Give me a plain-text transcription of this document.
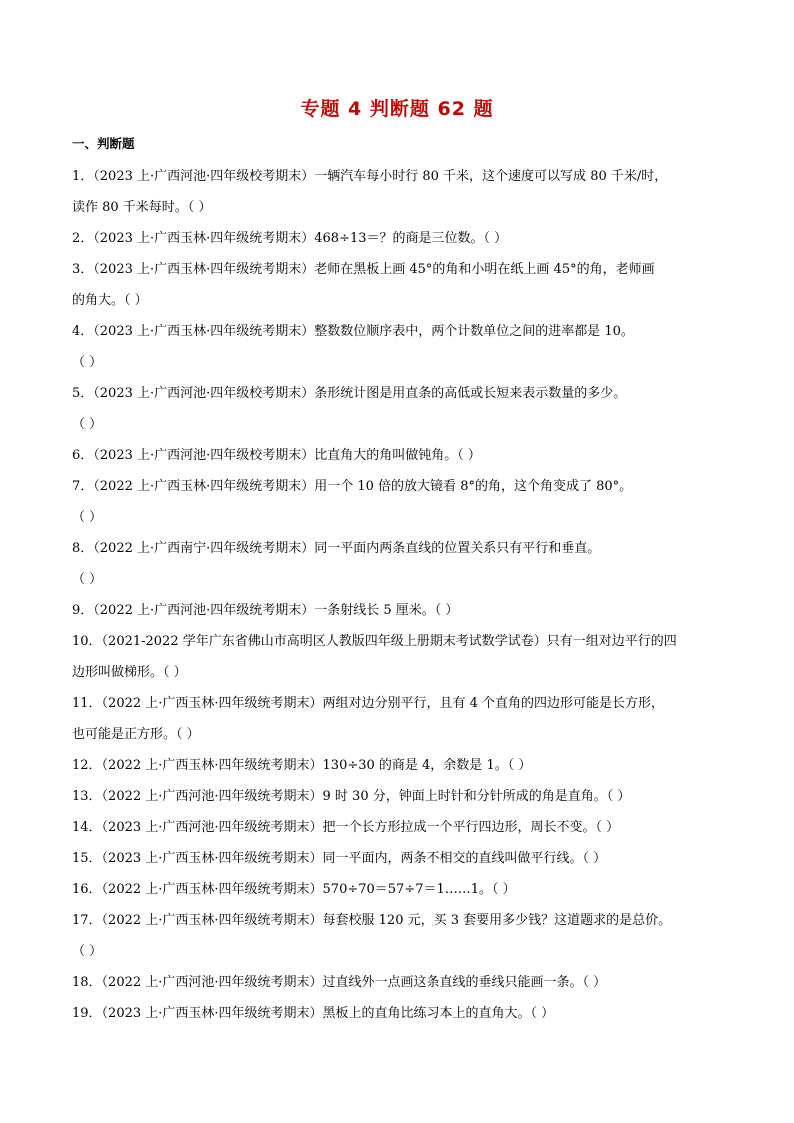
专题 4 判断题 62 题
一、判断题
1．（2023 上·广西河池·四年级校考期末）一辆汽车每小时行 80 千米，这个速度可以写成 80 千米/时，
读作 80 千米每时。（ ）
2．（2023 上·广西玉林·四年级统考期末）468÷13＝？的商是三位数。（ ）
3．（2023 上·广西玉林·四年级统考期末）老师在黑板上画 45°的角和小明在纸上画 45°的角，老师画
的角大。（ ）
4．（2023 上·广西玉林·四年级统考期末）整数数位顺序表中，两个计数单位之间的进率都是 10。
（ ）
5．（2023 上·广西河池·四年级校考期末）条形统计图是用直条的高低或长短来表示数量的多少。
（ ）
6．（2023 上·广西河池·四年级校考期末）比直角大的角叫做钝角。（ ）
7．（2022 上·广西玉林·四年级统考期末）用一个 10 倍的放大镜看 8°的角，这个角变成了 80°。
（ ）
8．（2022 上·广西南宁·四年级统考期末）同一平面内两条直线的位置关系只有平行和垂直。
（ ）
9．（2022 上·广西河池·四年级统考期末）一条射线长 5 厘米。（ ）
10．（2021-2022 学年广东省佛山市高明区人教版四年级上册期末考试数学试卷）只有一组对边平行的四
边形叫做梯形。（ ）
11．（2022 上·广西玉林·四年级统考期末）两组对边分别平行，且有 4 个直角的四边形可能是长方形，
也可能是正方形。（ ）
12．（2022 上·广西玉林·四年级统考期末）130÷30 的商是 4，余数是 1。（ ）
13．（2022 上·广西河池·四年级统考期末）9 时 30 分，钟面上时针和分针所成的角是直角。（ ）
14．（2023 上·广西河池·四年级统考期末）把一个长方形拉成一个平行四边形，周长不变。（ ）
15．（2023 上·广西玉林·四年级统考期末）同一平面内，两条不相交的直线叫做平行线。（ ）
16．（2022 上·广西玉林·四年级统考期末）570÷70＝57÷7＝1……1。（ ）
17．（2022 上·广西玉林·四年级统考期末）每套校服 120 元，买 3 套要用多少钱？这道题求的是总价。
（ ）
18．（2022 上·广西河池·四年级统考期末）过直线外一点画这条直线的垂线只能画一条。（ ）
19．（2023 上·广西玉林·四年级统考期末）黑板上的直角比练习本上的直角大。（ ）
